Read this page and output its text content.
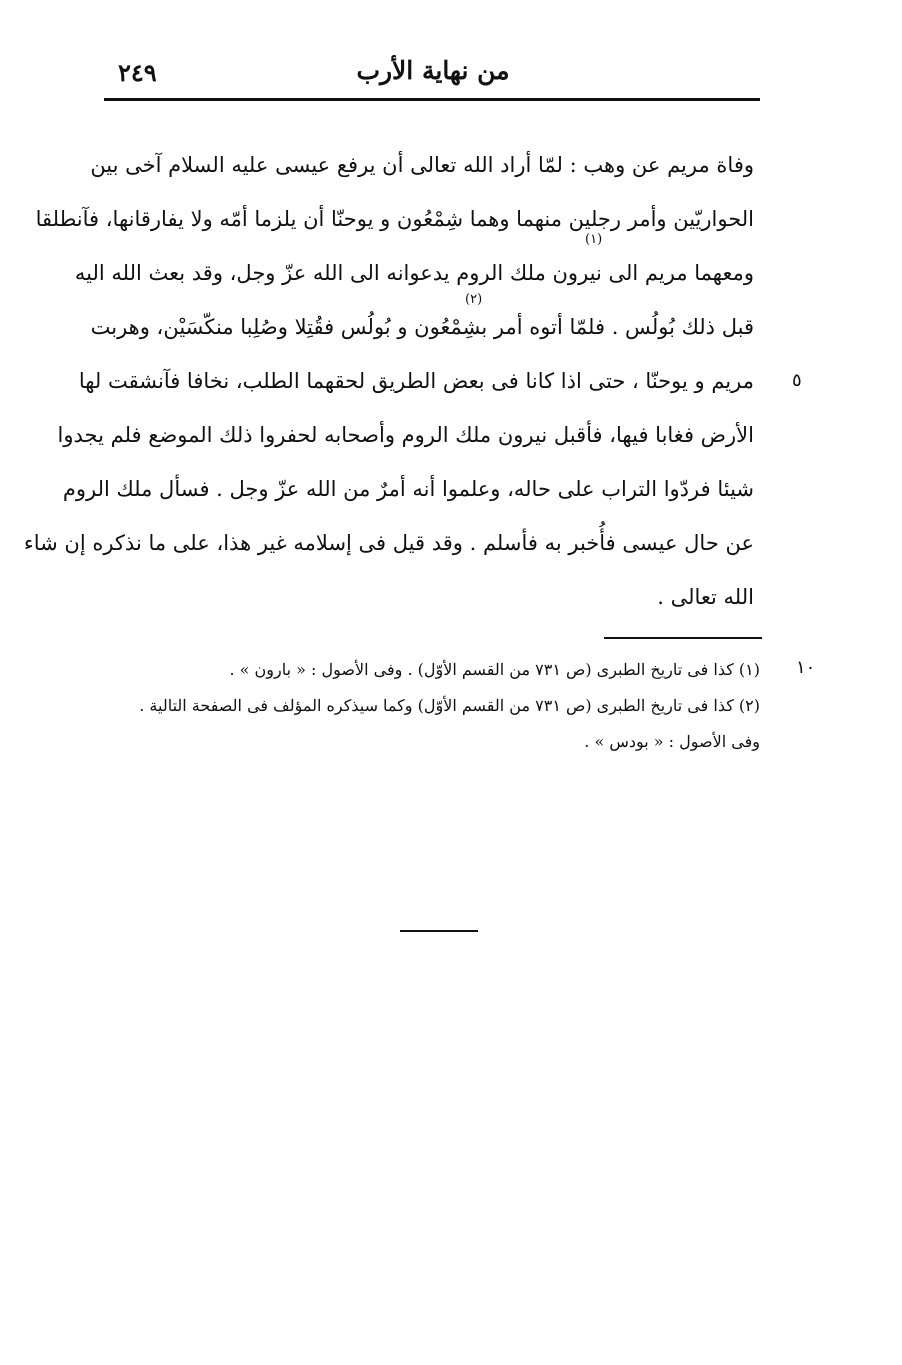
من نهاية الأرب
٢٤٩
وفاة مريم عن وهب : لمّا أراد الله تعالى أن يرفع عيسى عليه السلام آخى بين
الحواريّين وأمر رجلين منهما وهما شِمْعُون و يوحنّا أن يلزما أمّه ولا يفارقانها، فآنطلقا
ومعهما مريم الى نيرون ملك الروم يدعوانه الى الله عزّ وجل، وقد بعث الله اليه
قبل ذلك بُولُس . فلمّا أتوه أمر بشِمْعُون و بُولُس فقُتِلا وصُلِبا منكّسَيْن، وهربت
مريم و يوحنّا ، حتى اذا كانا فى بعض الطريق لحقهما الطلب، نخافا فآنشقت لها
الأرض فغابا فيها، فأقبل نيرون ملك الروم وأصحابه لحفروا ذلك الموضع فلم يجدوا
شيئا فردّوا التراب على حاله، وعلموا أنه أمرٌ من الله عزّ وجل . فسأل ملك الروم
عن حال عيسى فأُخبر به فأسلم . وقد قيل فى إسلامه غير هذا، على ما نذكره إن شاء
الله تعالى .
(١)
(٢)
٥
١٠
(١) كذا فى تاريخ الطبرى (ص ٧٣١ من القسم الأوّل) . وفى الأصول : « بارون » .
(٢) كذا فى تاريخ الطبرى (ص ٧٣١ من القسم الأوّل) وكما سيذكره المؤلف فى الصفحة التالية .
وفى الأصول : « بودس » .
